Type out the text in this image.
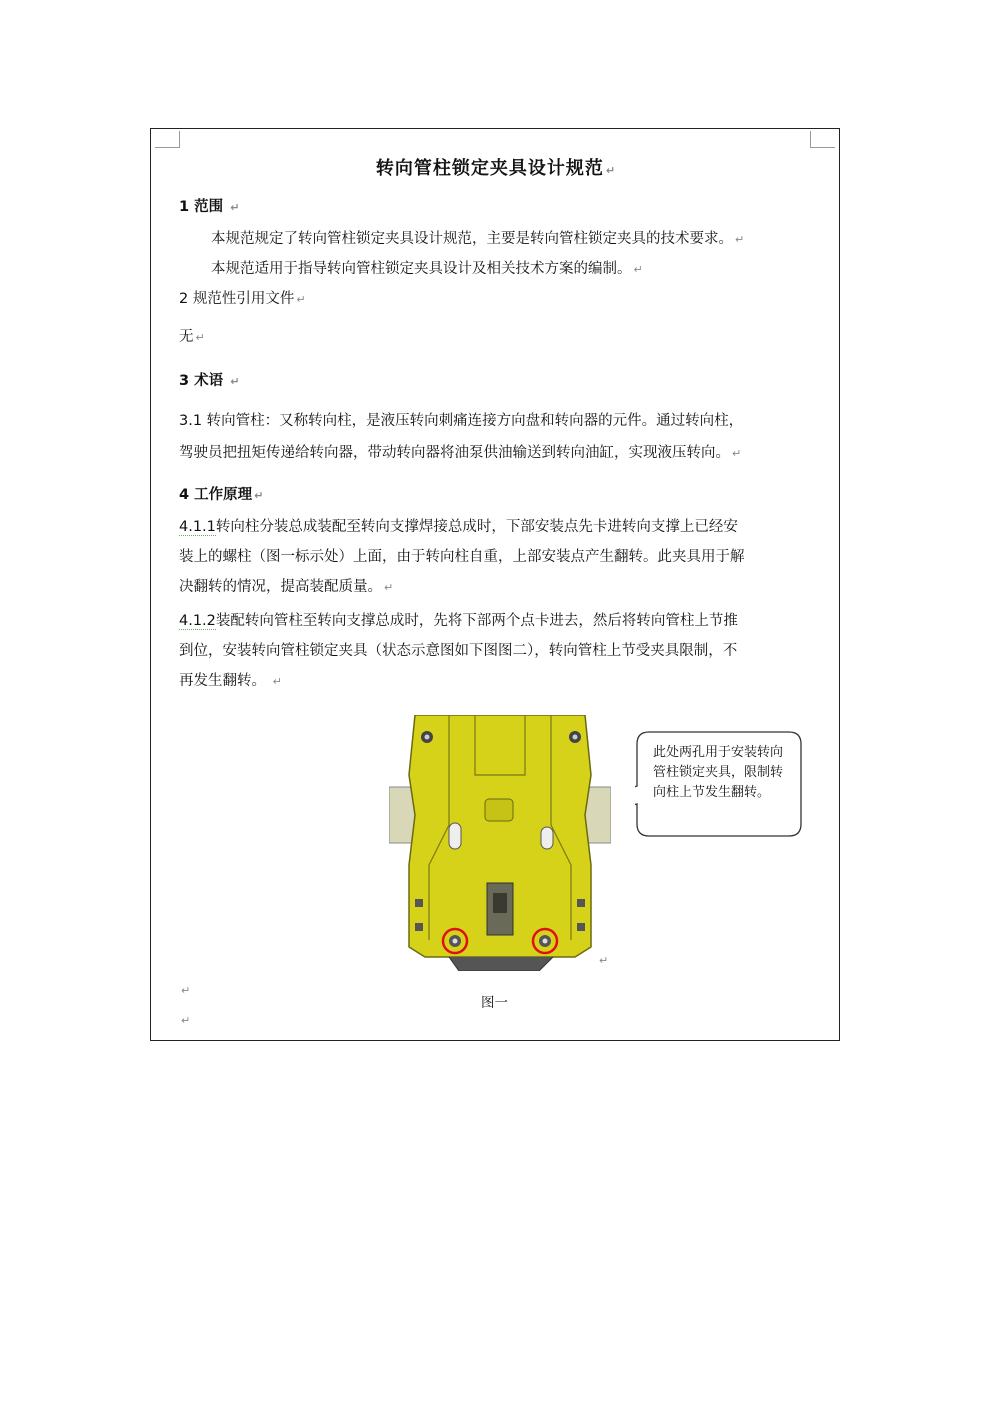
转向管柱锁定夹具设计规范 ↵
1 范围 ↵
本规范规定了转向管柱锁定夹具设计规范，主要是转向管柱锁定夹具的技术要求。 ↵
本规范适用于指导转向管柱锁定夹具设计及相关技术方案的编制。 ↵
2 规范性引用文件 ↵
无 ↵
3 术语 ↵
3.1 转向管柱：又称转向柱，是液压转向刺痛连接方向盘和转向器的元件。通过转向柱，
驾驶员把扭矩传递给转向器，带动转向器将油泵供油输送到转向油缸，实现液压转向。 ↵
4 工作原理 ↵
4.1.1转向柱分装总成装配至转向支撑焊接总成时，下部安装点先卡进转向支撑上已经安
装上的螺柱（图一标示处）上面，由于转向柱自重，上部安装点产生翻转。此夹具用于解
决翻转的情况，提高装配质量。 ↵
4.1.2装配转向管柱至转向支撑总成时，先将下部两个点卡进去，然后将转向管柱上节推
到位，安装转向管柱锁定夹具（状态示意图如下图图二），转向管柱上节受夹具限制，不
再发生翻转。 ↵
此处两孔用于安装转向管柱锁定夹具，限制转向柱上节发生翻转。
↵
↵
图一
↵
